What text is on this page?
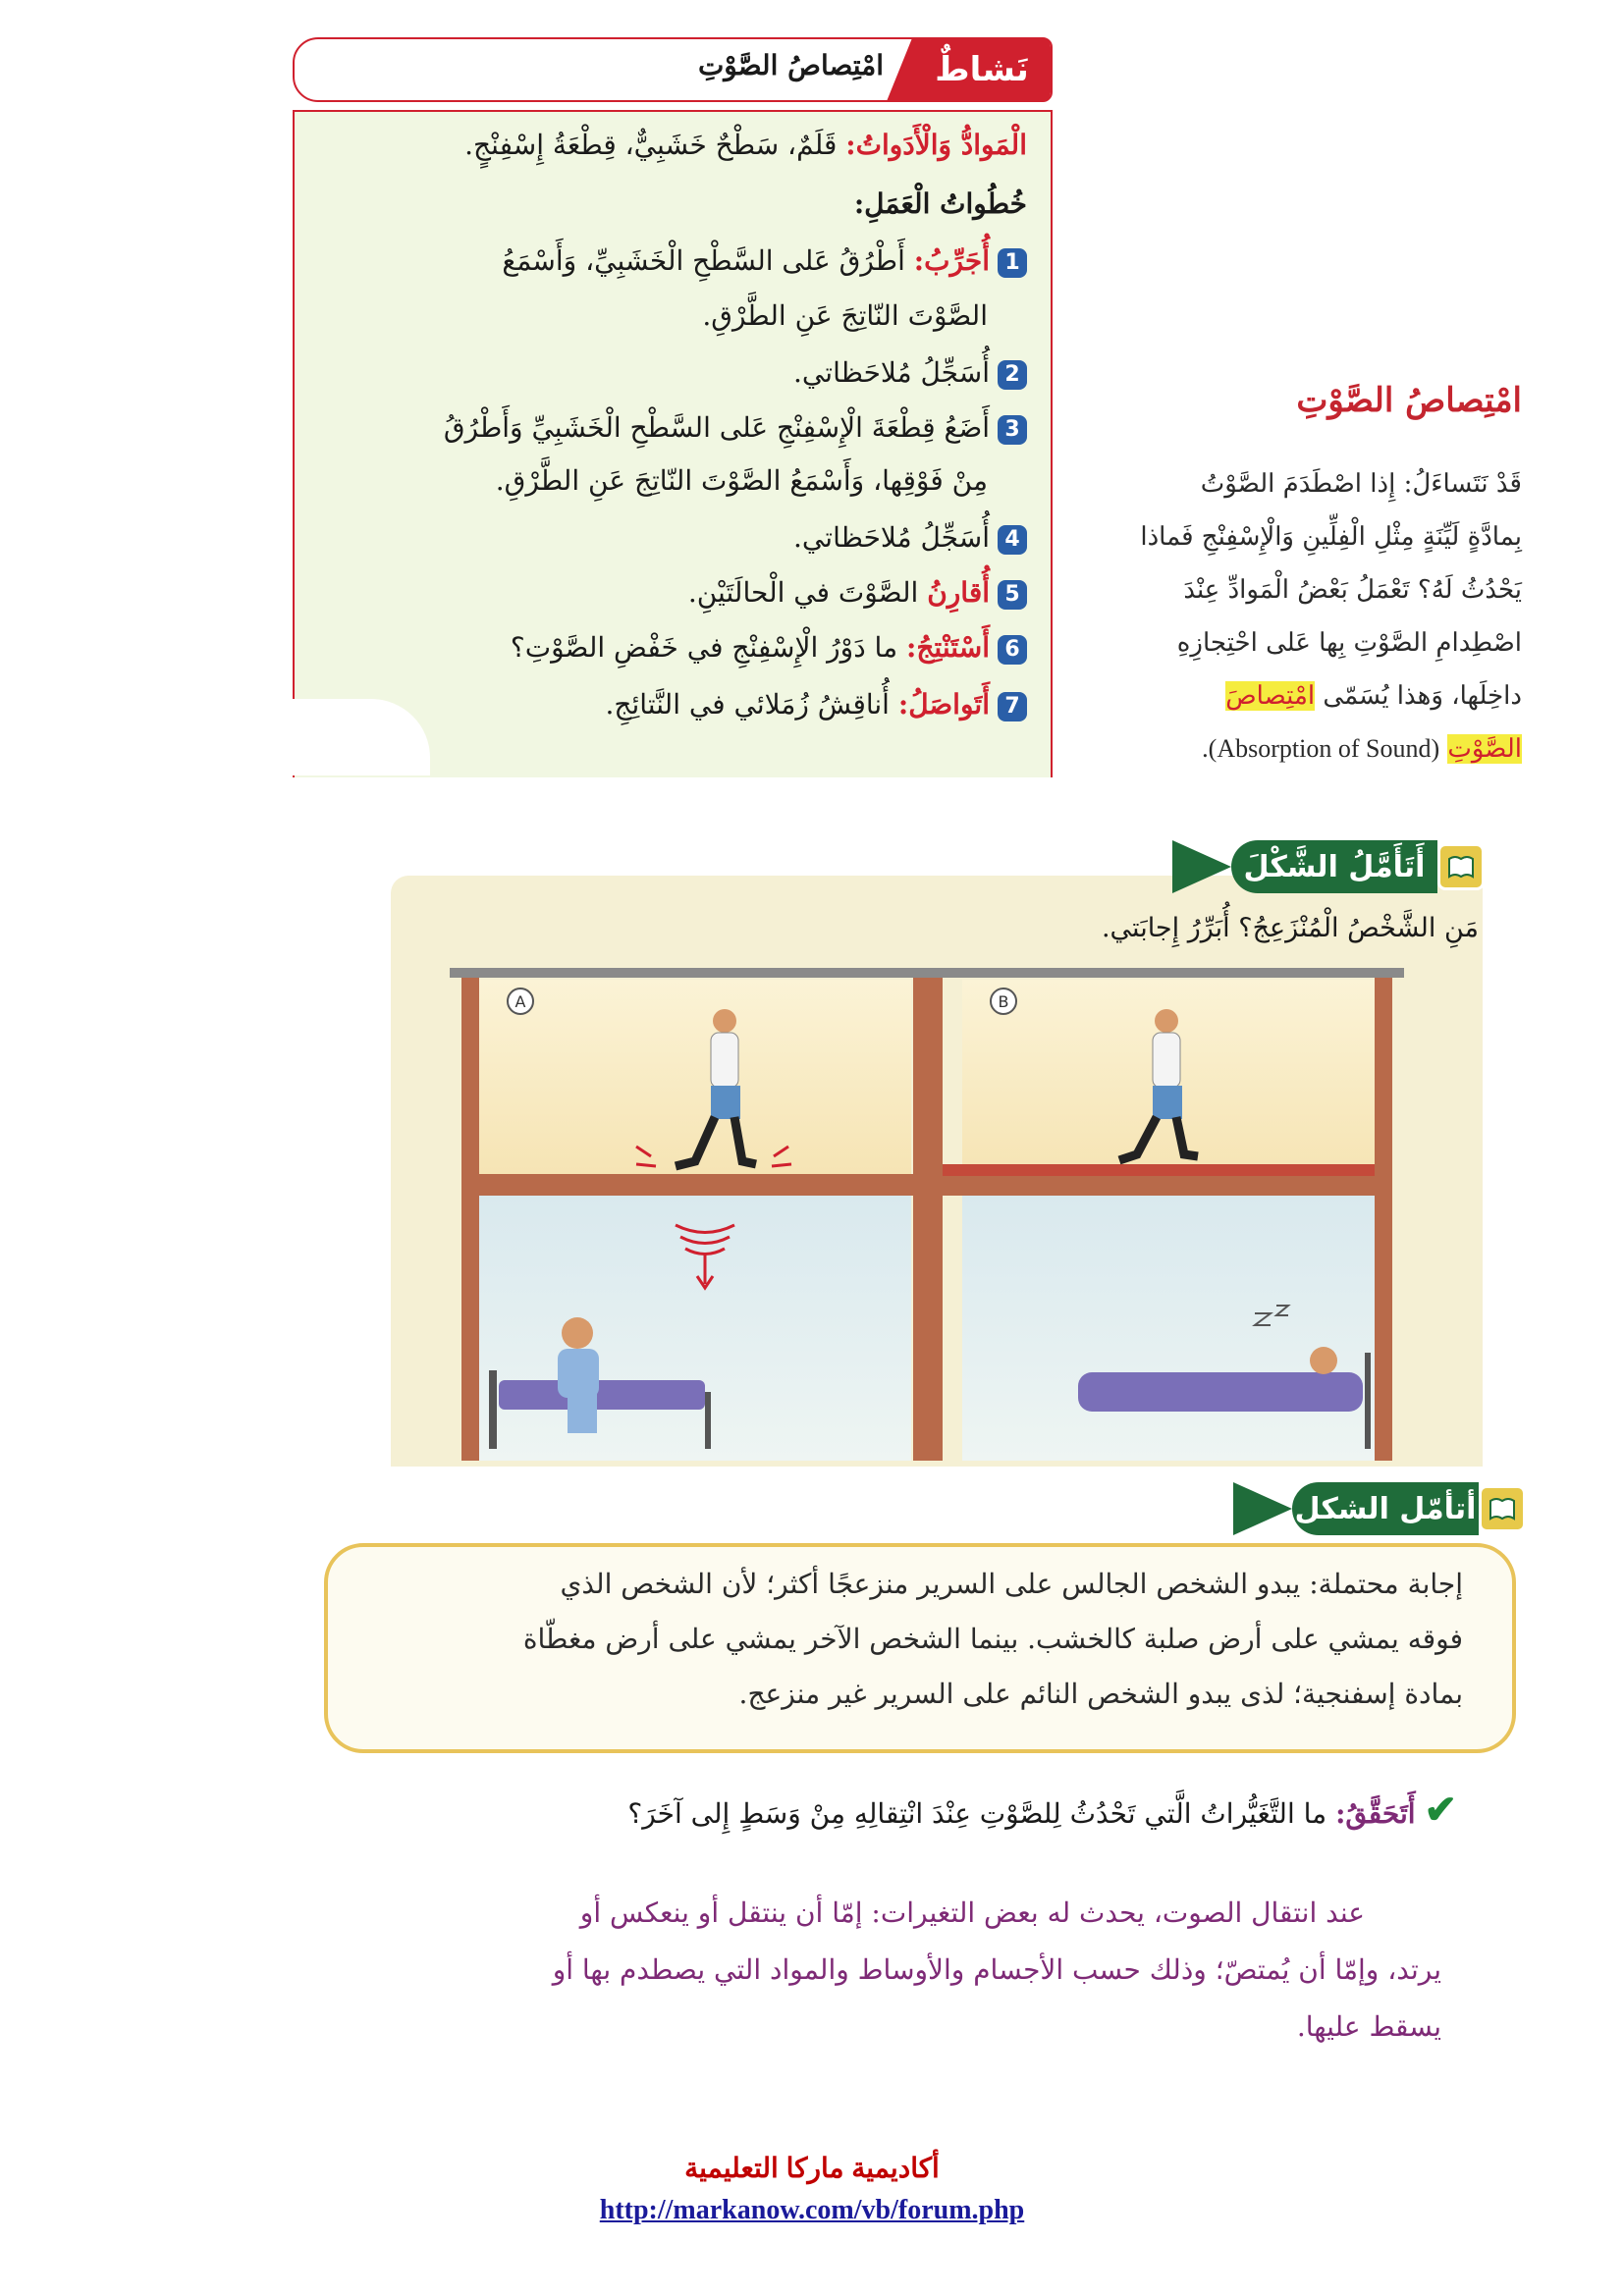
نَشاطٌ
امْتِصاصُ الصَّوْتِ
الْمَوادُّ وَالْأَدَواتُ: قَلَمٌ، سَطْحٌ خَشَبِيٌّ، قِطْعَةُ إِسْفِنْجٍ.
خُطُواتُ الْعَمَلِ:
1أُجَرِّبُ: أَطْرُقُ عَلى السَّطْحِ الْخَشَبِيِّ، وَأَسْمَعُ
الصَّوْتَ النّاتِجَ عَنِ الطَّرْقِ.
2أُسَجِّلُ مُلاحَظاتي.
3أَضَعُ قِطْعَةَ الْإِسْفِنْجِ عَلى السَّطْحِ الْخَشَبِيِّ وَأَطْرُقُ
مِنْ فَوْقِها، وَأَسْمَعُ الصَّوْتَ النّاتِجَ عَنِ الطَّرْقِ.
4أُسَجِّلُ مُلاحَظاتي.
5أُقارِنُ الصَّوْتَ في الْحالَتَيْنِ.
6أَسْتَنْتِجُ: ما دَوْرُ الْإِسْفِنْجِ في خَفْضِ الصَّوْتِ؟
7أَتَواصَلُ: أُناقِشُ زُمَلائي في النَّتائِجِ.
امْتِصاصُ الصَّوْتِ
قَدْ نَتَساءَلُ: إِذا اصْطَدَمَ الصَّوْتُ
بِمادَّةٍ لَيِّنَةٍ مِثْلِ الْفِلِّينِ وَالْإِسْفِنْجِ فَماذا
يَحْدُثُ لَهُ؟ تَعْمَلُ بَعْضُ الْمَوادِّ عِنْدَ
اصْطِدامِ الصَّوْتِ بِها عَلى احْتِجازِهِ
داخِلَها، وَهذا يُسَمّى امْتِصاصَ
الصَّوْتِ (Absorption of Sound).
أَتَأَمَّلُ الشَّكْلَ
مَنِ الشَّخْصُ الْمُنْزَعِجُ؟ أُبَرِّرُ إِجابَتي.
A	B
أتأمّل الشكل
إجابة محتملة: يبدو الشخص الجالس على السرير منزعجًا أكثر؛ لأن الشخص الذي
فوقه يمشي على أرض صلبة كالخشب. بينما الشخص الآخر يمشي على أرض مغطّاة
بمادة إسفنجية؛ لذى يبدو الشخص النائم على السرير غير منزعج.
✔ أَتَحَقَّقُ: ما التَّغَيُّراتُ الَّتي تَحْدُثُ لِلصَّوْتِ عِنْدَ انْتِقالِهِ مِنْ وَسَطٍ إِلى آخَرَ؟
عند انتقال الصوت، يحدث له بعض التغيرات: إمّا أن ينتقل أو ينعكس أو
يرتد، وإمّا أن يُمتصّ؛ وذلك حسب الأجسام والأوساط والمواد التي يصطدم بها أو
يسقط عليها.
أكاديمية ماركا التعليمية
http://markanow.com/vb/forum.php
